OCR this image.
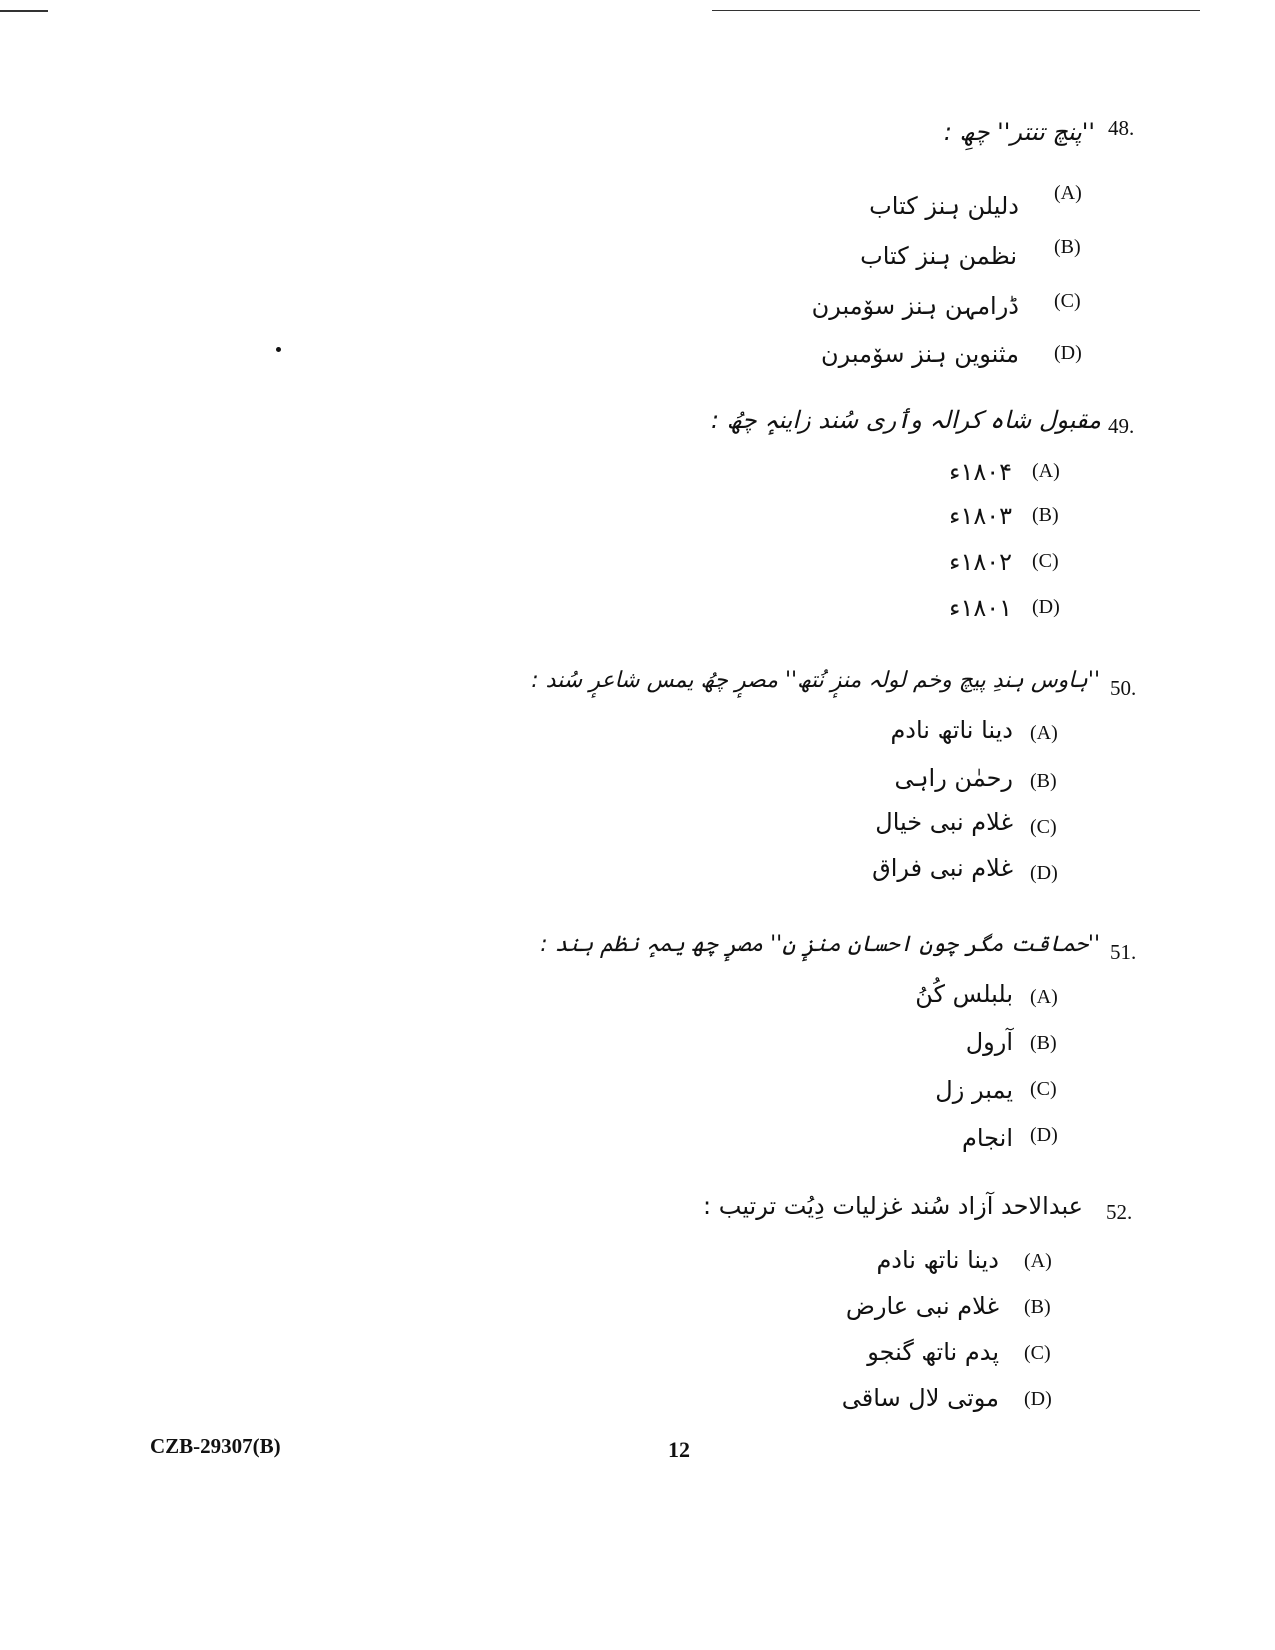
48.
''پنچ تنتر'' چھِ :
(A)
دلیلن ہنز کتاب
(B)
نظمن ہنز کتاب
(C)
ڈرامہن ہنز سۆمبرن
(D)
مثنوین ہنز سۆمبرن
49.
مقبول شاہ کرالہ وٲری سُند زاینہٕ چھُ :
(A)
۱۸۰۴ء
(B)
۱۸۰۳ء
(C)
۱۸۰۲ء
(D)
۱۸۰۱ء
50.
''ہاوس ہندِ پیچ وخم لولہ منزٕ نُتھ'' مصرٕ چھُ یمس شاعرٕ سُند :
(A)
دینا ناتھ نادم
(B)
رحمٰن راہی
(C)
غلام نبی خیال
(D)
غلام نبی فراق
51.
''حماقت مگر چون احسان منزٕ ن'' مصرٕ چھ یمہٕ نظم ہند :
(A)
بلبلس کُنُ
(B)
آرول
(C)
یمبر زل
(D)
انجام
52.
عبدالاحد آزاد سُند غزلیات دِیُت ترتیب :
(A)
دینا ناتھ نادم
(B)
غلام نبی عارض
(C)
پدم ناتھ گنجو
(D)
موتی لال ساقی
CZB-29307(B)	12
